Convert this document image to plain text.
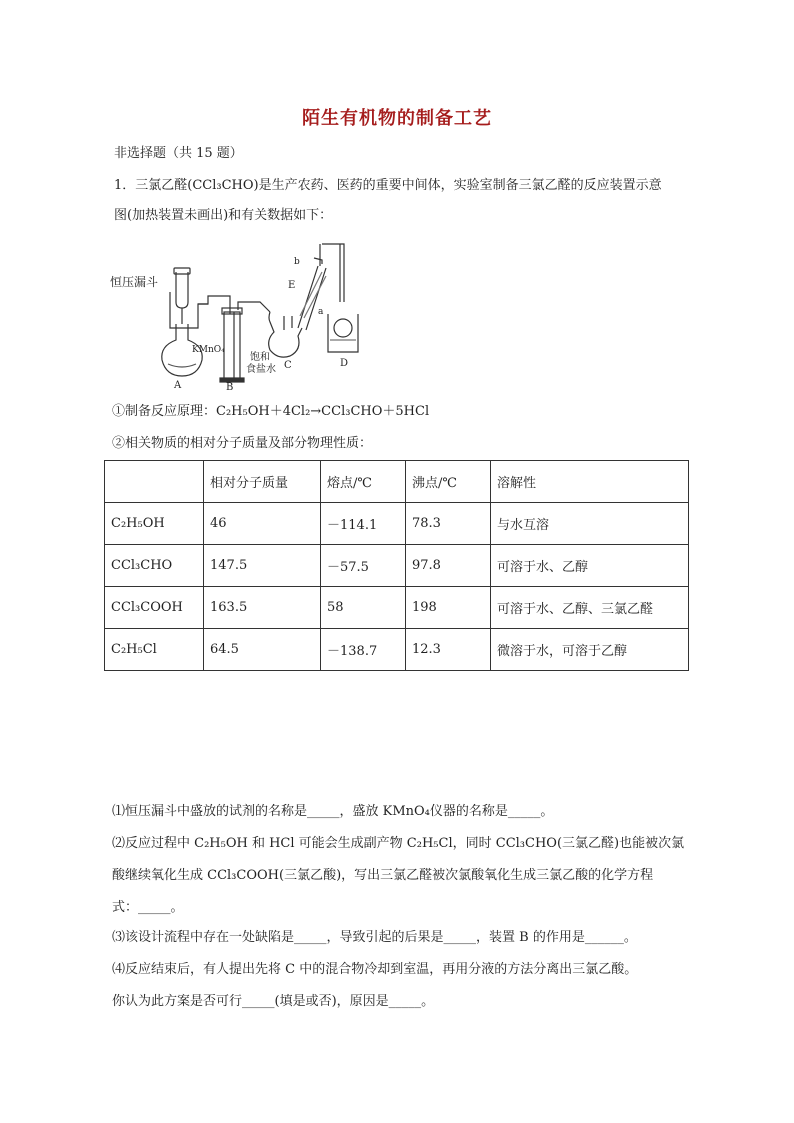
陌生有机物的制备工艺
非选择题（共 15 题）
1．三氯乙醛(CCl₃CHO)是生产农药、医药的重要中间体，实验室制备三氯乙醛的反应装置示意
图(加热装置未画出)和有关数据如下：
恒压漏斗
KMnO₄
A	B
饱和
食盐水 C	D
E
a
b
①制备反应原理：C₂H₅OH＋4Cl₂→CCl₃CHO＋5HCl
②相关物质的相对分子质量及部分物理性质：
	相对分子质量	熔点/℃	沸点/℃	溶解性
C₂H₅OH	46	－114.1	78.3	与水互溶
CCl₃CHO	147.5	－57.5	97.8	可溶于水、乙醇
CCl₃COOH	163.5	58	198	可溶于水、乙醇、三氯乙醛
C₂H₅Cl	64.5	－138.7	12.3	微溶于水，可溶于乙醇
⑴恒压漏斗中盛放的试剂的名称是_____，盛放 KMnO₄仪器的名称是_____。
⑵反应过程中 C₂H₅OH 和 HCl 可能会生成副产物 C₂H₅Cl，同时 CCl₃CHO(三氯乙醛)也能被次氯
酸继续氧化生成 CCl₃COOH(三氯乙酸)，写出三氯乙醛被次氯酸氧化生成三氯乙酸的化学方程
式：_____。
⑶该设计流程中存在一处缺陷是_____，导致引起的后果是_____，装置 B 的作用是______。
⑷反应结束后，有人提出先将 C 中的混合物冷却到室温，再用分液的方法分离出三氯乙酸。
你认为此方案是否可行_____(填是或否)，原因是_____。
